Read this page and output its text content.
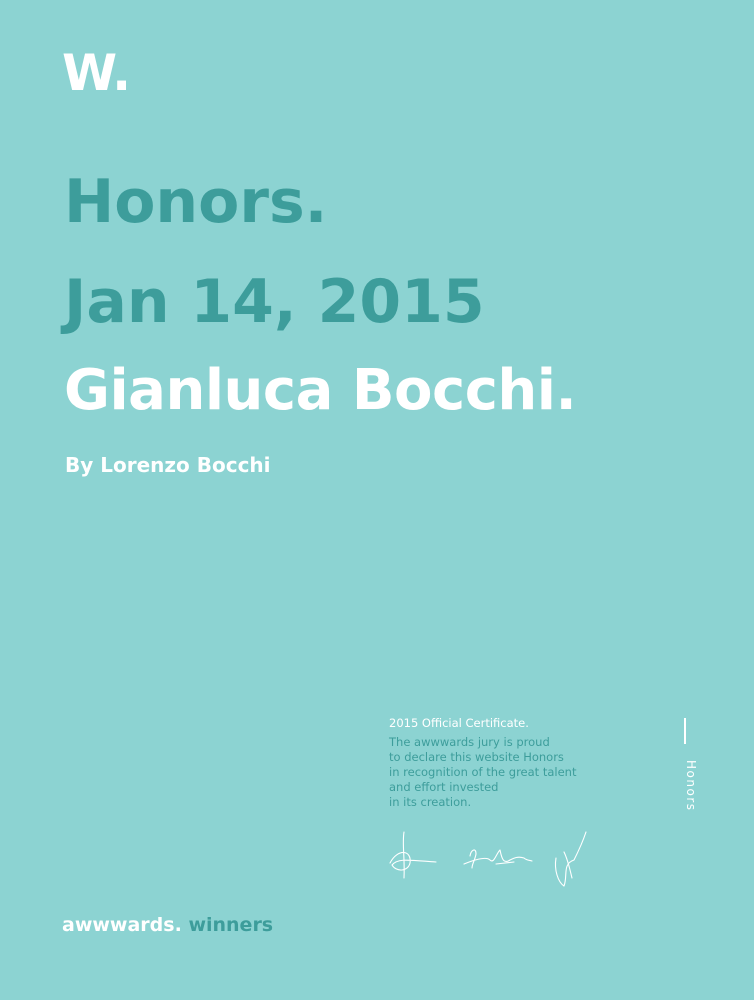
W.
Honors.
Jan 14, 2015
Gianluca Bocchi.
By Lorenzo Bocchi
2015 Official Certificate.
The awwwards jury is proud
to declare this website Honors
in recognition of the great talent
and effort invested
in its creation.	Honors
awwwards. winners
